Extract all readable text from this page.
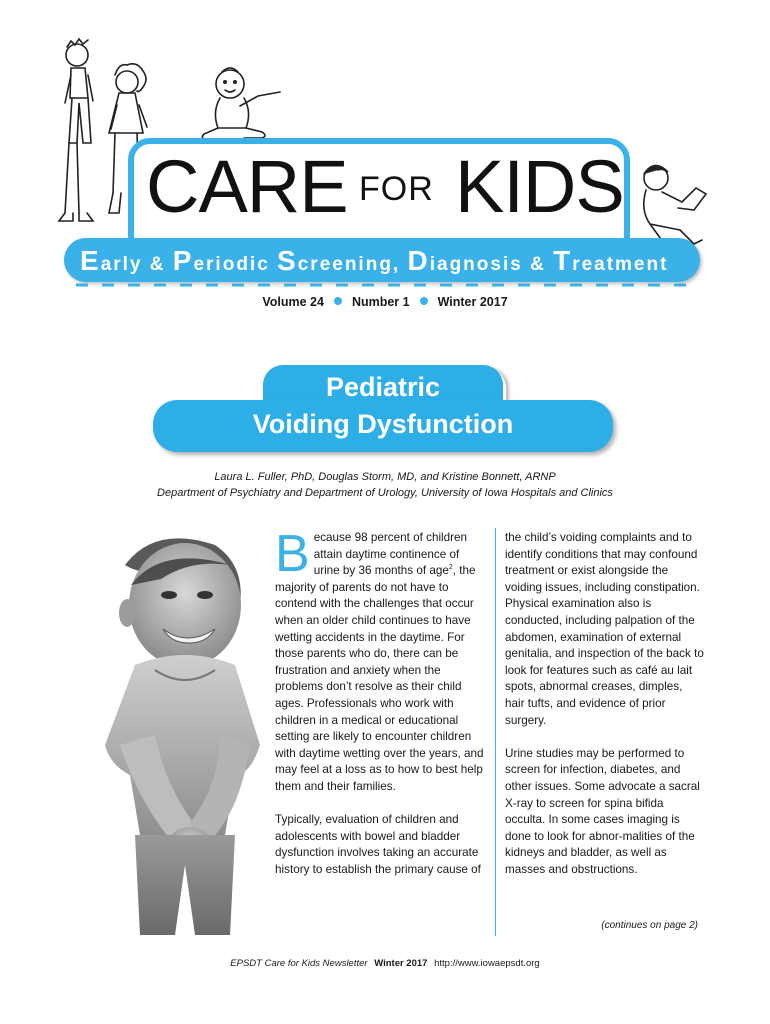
CARE FOR KIDS
Early & Periodic Screening, Diagnosis & Treatment
Volume 24 Number 1 Winter 2017
Pediatric
Voiding Dysfunction
Laura L. Fuller, PhD, Douglas Storm, MD, and Kristine Bonnett, ARNP
Department of Psychiatry and Department of Urology, University of Iowa Hospitals and Clinics

Because 98 percent of children attain daytime continence of urine by 36 months of age$^2$, the majority of parents do not have to contend with the challenges that occur when an older child continues to have wetting accidents in the daytime. For those parents who do, there can be frustration and anxiety when the problems don’t resolve as their child ages. Professionals who work with children in a medical or educational setting are likely to encounter children with daytime wetting over the years, and may feel at a loss as to how to best help them and their families.

Typically, evaluation of children and adolescents with bowel and bladder dysfunction involves taking an accurate history to establish the primary cause of

the child’s voiding complaints and to identify conditions that may confound treatment or exist alongside the voiding issues, including constipation. Physical examination also is conducted, including palpation of the abdomen, examination of external genitalia, and inspection of the back to look for features such as café au lait spots, abnormal creases, dimples, hair tufts, and evidence of prior surgery.

Urine studies may be performed to screen for infection, diabetes, and other issues. Some advocate a sacral X-ray to screen for spina bifida occulta. In some cases imaging is done to look for abnor-malities of the kidneys and bladder, as well as masses and obstructions.

(continues on page 2)
EPSDT Care for Kids Newsletter Winter 2017 http://www.iowaepsdt.org
